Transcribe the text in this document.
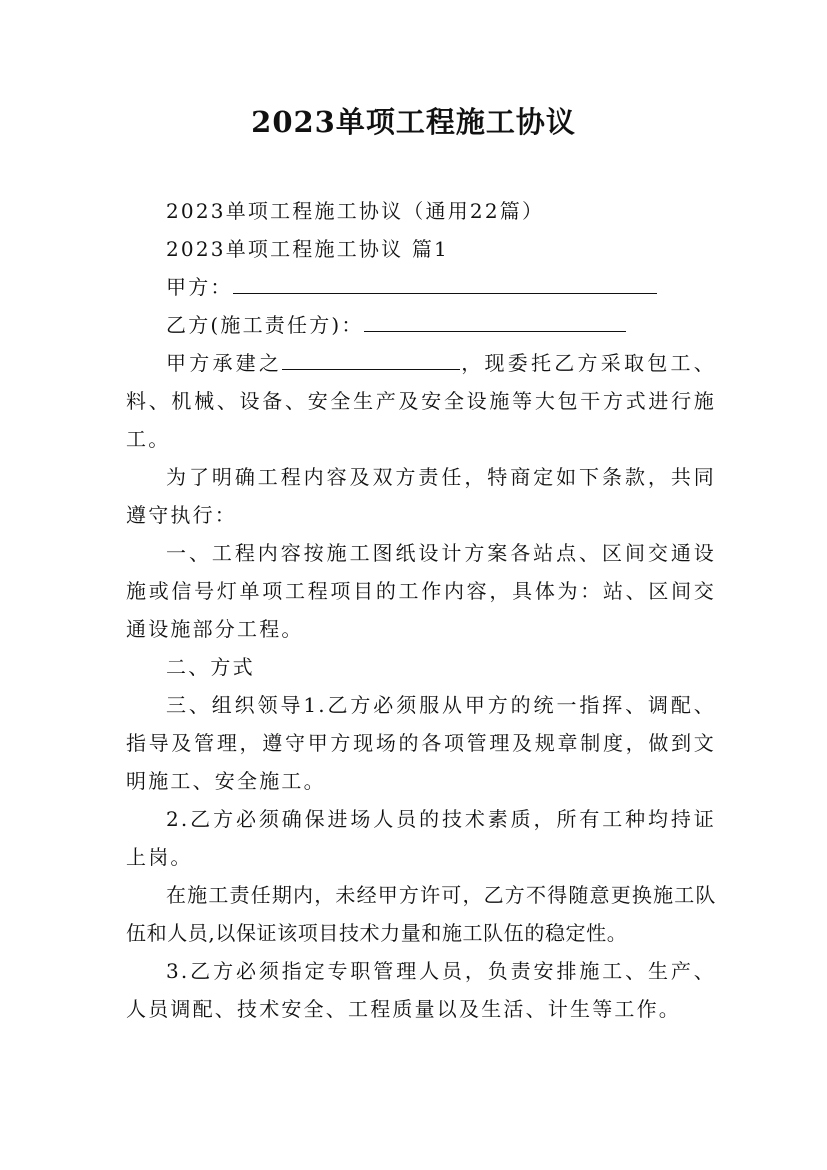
2023单项工程施工协议

2023单项工程施工协议（通用22篇）

2023单项工程施工协议 篇1

甲方：

乙方(施工责任方)：

甲方承建之	，现委托乙方采取包工、料、机械、设备、安全生产及安全设施等大包干方式进行施工。

为了明确工程内容及双方责任，特商定如下条款，共同遵守执行：

一、工程内容按施工图纸设计方案各站点、区间交通设施或信号灯单项工程项目的工作内容，具体为：站、区间交通设施部分工程。

二、方式

三、组织领导1.乙方必须服从甲方的统一指挥、调配、指导及管理，遵守甲方现场的各项管理及规章制度，做到文明施工、安全施工。

2.乙方必须确保进场人员的技术素质，所有工种均持证上岗。

在施工责任期内，未经甲方许可，乙方不得随意更换施工队伍和人员,以保证该项目技术力量和施工队伍的稳定性。

3.乙方必须指定专职管理人员，负责安排施工、生产、人员调配、技术安全、工程质量以及生活、计生等工作。
